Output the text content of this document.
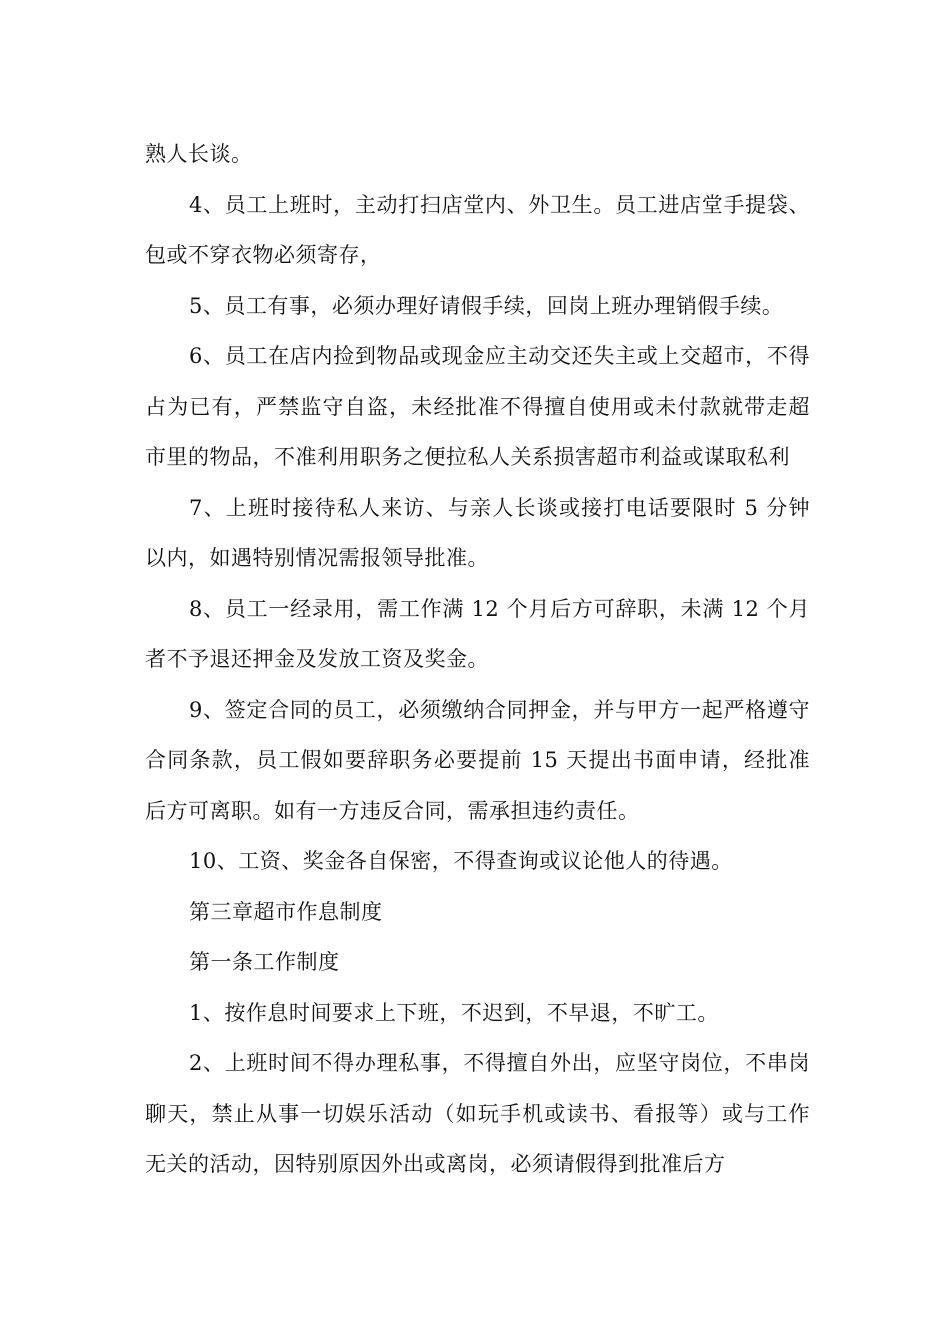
熟人长谈。

4、员工上班时，主动打扫店堂内、外卫生。员工进店堂手提袋、包或不穿衣物必须寄存，

5、员工有事，必须办理好请假手续，回岗上班办理销假手续。

6、员工在店内捡到物品或现金应主动交还失主或上交超市，不得占为已有，严禁监守自盗，未经批准不得擅自使用或未付款就带走超市里的物品，不准利用职务之便拉私人关系损害超市利益或谋取私利

7、上班时接待私人来访、与亲人长谈或接打电话要限时 5 分钟以内，如遇特别情况需报领导批准。

8、员工一经录用，需工作满 12 个月后方可辞职，未满 12 个月者不予退还押金及发放工资及奖金。

9、签定合同的员工，必须缴纳合同押金，并与甲方一起严格遵守合同条款，员工假如要辞职务必要提前 15 天提出书面申请，经批准后方可离职。如有一方违反合同，需承担违约责任。

10、工资、奖金各自保密，不得查询或议论他人的待遇。

第三章超市作息制度

第一条工作制度

1、按作息时间要求上下班，不迟到，不早退，不旷工。

2、上班时间不得办理私事，不得擅自外出，应坚守岗位，不串岗聊天，禁止从事一切娱乐活动（如玩手机或读书、看报等）或与工作无关的活动，因特别原因外出或离岗，必须请假得到批准后方
